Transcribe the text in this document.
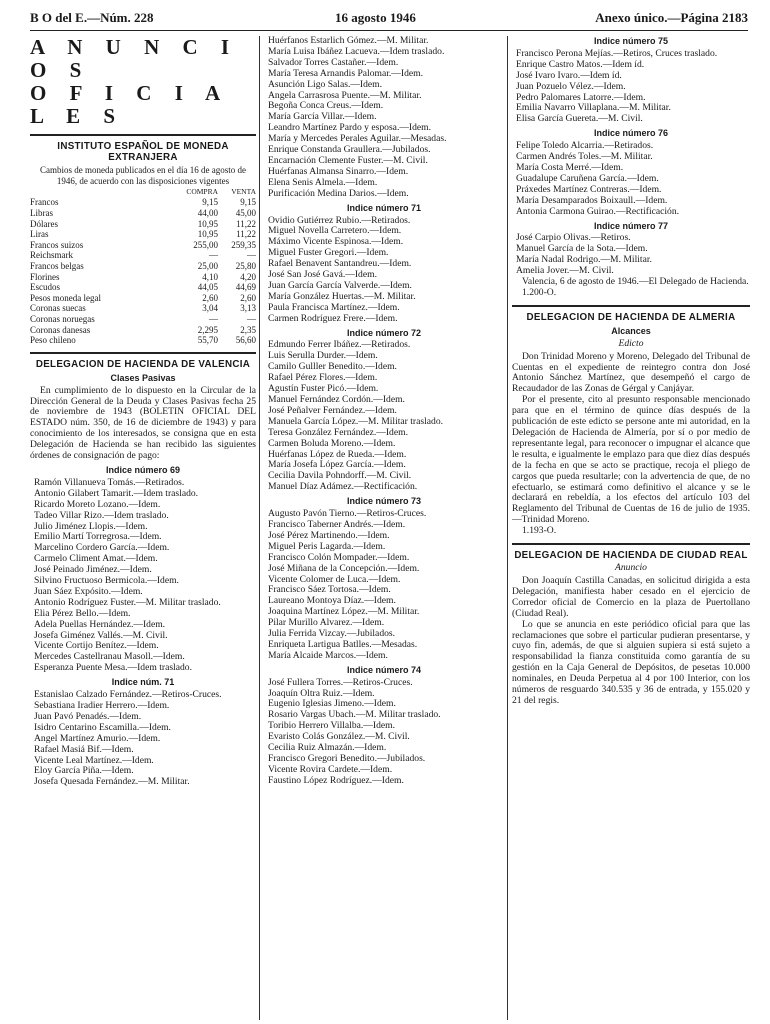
B O del E.—Núm. 228	16 agosto 1946	Anexo único.—Página 2183

A N U N C I O S

O F I C I A L E S

INSTITUTO ESPAÑOL DE MONEDA EXTRANJERA

Cambios de moneda publicados en el día 16 de agosto de 1946, de acuerdo con las disposiciones vigentes

	COMPRA	VENTA
Francos	9,15	9,15
Libras	44,00	45,00
Dólares	10,95	11,22
Liras	10,95	11,22
Francos suizos	255,00	259,35
Reichsmark	—	—
Francos belgas	25,00	25,80
Florines	4,10	4,20
Escudos	44,05	44,69
Pesos moneda legal	2,60	2,60
Coronas suecas	3,04	3,13
Coronas noruegas	—	—
Coronas danesas	2,295	2,35
Peso chileno	55,70	56,60
DELEGACION DE HACIENDA DE VALENCIA
Clases Pasivas

En cumplimiento de lo dispuesto en la Circular de la Dirección General de la Deuda y Clases Pasivas fecha 25 de noviembre de 1943 (BOLETIN OFICIAL DEL ESTADO núm. 350, de 16 de diciembre de 1943) y para conocimiento de los interesados, se consigna que en esta Delegación de Hacienda se han recibido las siguientes órdenes de consignación de pago:

Indice número 69

Ramón Villanueva Tomás.—Retirados.

Antonio Gilabert Tamarit.—Idem traslado.

Ricardo Moreto Lozano.—Idem.

Tadeo Villar Rizo.—Idem traslado.

Julio Jiménez Llopis.—Idem.

Emilio Martí Torregrosa.—Idem.

Marcelino Cordero García.—Idem.

Carmelo Climent Amat.—Idem.

José Peinado Jiménez.—Idem.

Silvino Fructuoso Bermicola.—Idem.

Juan Sáez Expósito.—Idem.

Antonio Rodríguez Fuster.—M. Militar traslado.

Elia Pérez Bello.—Idem.

Adela Puellas Hernández.—Idem.

Josefa Giménez Vallés.—M. Civil.

Vicente Cortijo Benítez.—Idem.

Mercedes Castellranau Masoll.—Idem.

Esperanza Puente Mesa.—Idem traslado.

Indice núm. 71

Estanislao Calzado Fernández.—Retiros-Cruces.

Sebastiana Iradier Herrero.—Idem.

Juan Pavó Penadés.—Idem.

Isidro Centarino Escamilla.—Idem.

Angel Martínez Amurio.—Idem.

Rafael Masiá Bif.—Idem.

Vicente Leal Martínez.—Idem.

Eloy García Piña.—Idem.

Josefa Quesada Fernández.—M. Militar.

Huérfanos Estarlich Gómez.—M. Militar.

María Luisa Ibáñez Lacueva.—Idem traslado.

Salvador Torres Castañer.—Idem.

María Teresa Arnandis Palomar.—Idem.

Asunción Ligo Salas.—Idem.

Angela Carrasrosa Puente.—M. Militar.

Begoña Conca Creus.—Idem.

María García Villar.—Idem.

Leandro Martínez Pardo y esposa.—Idem.

María y Mercedes Perales Aguilar.—Mesadas.

Enrique Constanda Graullera.—Jubilados.

Encarnación Clemente Fuster.—M. Civil.

Huérfanas Almansa Sinarro.—Idem.

Elena Senis Almela.—Idem.

Purificación Medina Darios.—Idem.

Indice número 71

Ovidio Gutiérrez Rubio.—Retirados.

Miguel Novella Carretero.—Idem.

Máximo Vicente Espinosa.—Idem.

Miguel Fuster Gregori.—Idem.

Rafael Benavent Santandreu.—Idem.

José San José Gavá.—Idem.

Juan García García Valverde.—Idem.

María González Huertas.—M. Militar.

Paula Francisca Martínez.—Idem.

Carmen Rodríguez Frere.—Idem.

Indice número 72

Edmundo Ferrer Ibáñez.—Retirados.

Luis Serulla Durder.—Idem.

Camilo Gulller Benedito.—Idem.

Rafael Pérez Flores.—Idem.

Agustín Fuster Picó.—Idem.

Manuel Fernández Cordón.—Idem.

José Peñalver Fernández.—Idem.

Manuela García López.—M. Militar traslado.

Teresa González Fernández.—Idem.

Carmen Boluda Moreno.—Idem.

Huérfanas López de Rueda.—Idem.

María Josefa López García.—Idem.

Cecilia Davila Pohndorff.—M. Civil.

Manuel Díaz Adámez.—Rectificación.

Indice número 73

Augusto Pavón Tierno.—Retiros-Cruces.

Francisco Taberner Andrés.—Idem.

José Pérez Martinendo.—Idem.

Miguel Peris Lagarda.—Idem.

Francisco Colón Mompader.—Idem.

José Miñana de la Concepción.—Idem.

Vicente Colomer de Luca.—Idem.

Francisco Sáez Tortosa.—Idem.

Laureano Montoya Díaz.—Idem.

Joaquina Martínez López.—M. Militar.

Pilar Murillo Alvarez.—Idem.

Julia Ferrida Vizcay.—Jubilados.

Enriqueta Lartigua Batlles.—Mesadas.

María Alcaide Marcos.—Idem.

Indice número 74

José Fullera Torres.—Retiros-Cruces.

Joaquín Oltra Ruiz.—Idem.

Eugenio Iglesias Jimeno.—Idem.

Rosario Vargas Ubach.—M. Militar traslado.

Toribio Herrero Villalba.—Idem.

Evaristo Colás González.—M. Civil.

Cecilia Ruiz Almazán.—Idem.

Francisco Gregori Benedito.—Jubilados.

Vicente Rovira Cardete.—Idem.

Faustino López Rodríguez.—Idem.

Indice número 75

Francisco Perona Mejías.—Retiros, Cruces traslado.

Enrique Castro Matos.—Idem íd.

José Ivaro Ivaro.—Idem íd.

Juan Pozuelo Vélez.—Idem.

Pedro Palomares Latorre.—Idem.

Emilia Navarro Villaplana.—M. Militar.

Elisa García Gueretа.—M. Civil.

Indice número 76

Felipe Toledo Alcarria.—Retirados.

Carmen Andrés Toles.—M. Militar.

María Costa Merré.—Idem.

Guadalupe Caruñena García.—Idem.

Práxedes Martínez Contreras.—Idem.

María Desamparados Boixaull.—Idem.

Antonia Carmona Guirao.—Rectificación.

Indice número 77

José Carpio Olivas.—Retiros.

Manuel García de la Sota.—Idem.

María Nadal Rodrigo.—M. Militar.

Amelia Jover.—M. Civil.

Valencia, 6 de agosto de 1946.—El Delegado de Hacienda.

1.200-O.

DELEGACION DE HACIENDA DE ALMERIA
Alcances
Edicto

Don Trinidad Moreno y Moreno, Delegado del Tribunal de Cuentas en el expediente de reintegro contra don José Antonio Sánchez Martínez, que desempeñó el cargo de Recaudador de las Zonas de Gérgal y Canjáyar.

Por el presente, cito al presunto responsable mencionado para que en el término de quince días después de la publicación de este edicto se persone ante mi autoridad, en la Delegación de Hacienda de Almería, por sí o por medio de representante legal, para reconocer o impugnar el alcance que le resulta, e igualmente le emplazo para que diez días después de la fecha en que se acto se practique, recoja el pliego de cargos que pueda resultarle; con la advertencia de que, de no efectuarlo, se estimará como definitivo el alcance y se le declarará en rebeldía, a los efectos del artículo 103 del Reglamento del Tribunal de Cuentas de 16 de julio de 1935.—Trinidad Moreno.

1.193-O.

DELEGACION DE HACIENDA DE CIUDAD REAL
Anuncio

Don Joaquín Castilla Canadas, en solicitud dirigida a esta Delegación, manifiesta haber cesado en el ejercicio de Corredor oficial de Comercio en la plaza de Puertollano (Ciudad Real).

Lo que se anuncia en este periódico oficial para que las reclamaciones que sobre el particular pudieran presentarse, y cuyo fin, además, de que si alguien supiera si está sujeto a responsabilidad la fianza constituida como garantía de su gestión en la Caja General de Depósitos, de pesetas 10.000 nominales, en Deuda Perpetua al 4 por 100 Interior, con los números de resguardo 340.535 y 36 de entrada, y 155.020 y 21 del regis.
